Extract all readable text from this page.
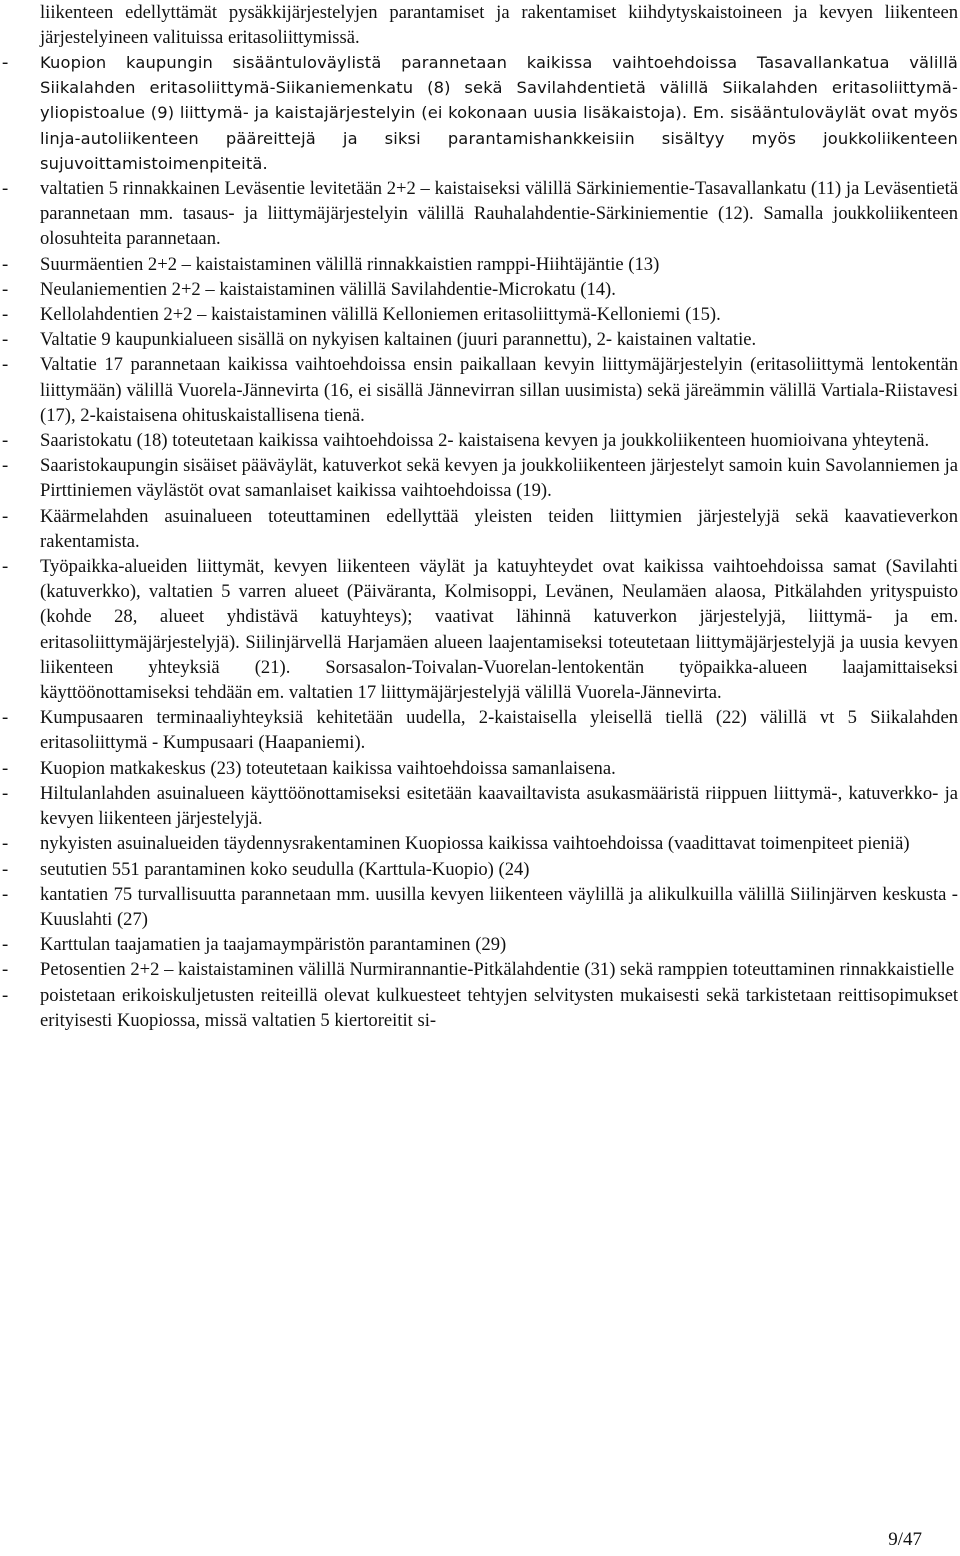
liikenteen edellyttämät pysäkkijärjestelyjen parantamiset ja rakentamiset kiihdytyskaistoineen ja kevyen liikenteen järjestelyineen valituissa eritasoliittymissä.
- Kuopion kaupungin sisääntuloväylistä parannetaan kaikissa vaihtoehdoissa Tasavallankatua välillä Siikalahden eritasoliittymä-Siikaniemenkatu (8) sekä Savilahdentietä välillä Siikalahden eritasoliittymä-yliopistoalue (9) liittymä- ja kaistajärjestelyin (ei kokonaan uusia lisäkaistoja). Em. sisääntuloväylät ovat myös linja-autoliikenteen pääreittejä ja siksi parantamishankkeisiin sisältyy myös joukkoliikenteen sujuvoittamistoimenpiteitä.
- valtatien 5 rinnakkainen Leväsentie levitetään 2+2 – kaistaiseksi välillä Särkiniementie-Tasavallankatu (11) ja Leväsentietä parannetaan mm. tasaus- ja liittymäjärjestelyin välillä Rauhalahdentie-Särkiniementie (12). Samalla joukkoliikenteen olosuhteita parannetaan.
- Suurmäentien 2+2 – kaistaistaminen välillä rinnakkaistien ramppi-Hiihtäjäntie (13)
- Neulaniementien 2+2 – kaistaistaminen välillä Savilahdentie-Microkatu (14).
- Kellolahdentien 2+2 – kaistaistaminen välillä Kelloniemen eritasoliittymä-Kelloniemi (15).
- Valtatie 9 kaupunkialueen sisällä on nykyisen kaltainen (juuri parannettu), 2- kaistainen valtatie.
- Valtatie 17 parannetaan kaikissa vaihtoehdoissa ensin paikallaan kevyin liittymäjärjestelyin (eritasoliittymä lentokentän liittymään) välillä Vuorela-Jännevirta (16, ei sisällä Jännevirran sillan uusimista) sekä järeämmin välillä Vartiala-Riistavesi (17), 2-kaistaisena ohituskaistallisena tienä.
- Saaristokatu (18) toteutetaan kaikissa vaihtoehdoissa 2- kaistaisena kevyen ja joukkoliikenteen huomioivana yhteytenä.
- Saaristokaupungin sisäiset pääväylät, katuverkot sekä kevyen ja joukkoliikenteen järjestelyt samoin kuin Savolanniemen ja Pirttiniemen väylästöt ovat samanlaiset kaikissa vaihtoehdoissa (19).
- Käärmelahden asuinalueen toteuttaminen edellyttää yleisten teiden liittymien järjestelyjä sekä kaavatieverkon rakentamista.
- Työpaikka-alueiden liittymät, kevyen liikenteen väylät ja katuyhteydet ovat kaikissa vaihtoehdoissa samat (Savilahti (katuverkko), valtatien 5 varren alueet (Päiväranta, Kolmisoppi, Levänen, Neulamäen alaosa, Pitkälahden yrityspuisto (kohde 28, alueet yhdistävä katuyhteys); vaativat lähinnä katuverkon järjestelyjä, liittymä- ja em. eritasoliittymäjärjestelyjä). Siilinjärvellä Harjamäen alueen laajentamiseksi toteutetaan liittymäjärjestelyjä ja uusia kevyen liikenteen yhteyksiä (21). Sorsasalon-Toivalan-Vuorelan-lentokentän työpaikka-alueen laajamittaiseksi käyttöönottamiseksi tehdään em. valtatien 17 liittymäjärjestelyjä välillä Vuorela-Jännevirta.
- Kumpusaaren terminaaliyhteyksiä kehitetään uudella, 2-kaistaisella yleisellä tiellä (22) välillä vt 5 Siikalahden eritasoliittymä - Kumpusaari (Haapaniemi).
- Kuopion matkakeskus (23) toteutetaan kaikissa vaihtoehdoissa samanlaisena.
- Hiltulanlahden asuinalueen käyttöönottamiseksi esitetään kaavailtavista asukasmääristä riippuen liittymä-, katuverkko- ja kevyen liikenteen järjestelyjä.
- nykyisten asuinalueiden täydennysrakentaminen Kuopiossa kaikissa vaihtoehdoissa (vaadittavat toimenpiteet pieniä)
- seututien 551 parantaminen koko seudulla (Karttula-Kuopio) (24)
- kantatien 75 turvallisuutta parannetaan mm. uusilla kevyen liikenteen väylillä ja alikulkuilla välillä Siilinjärven keskusta - Kuuslahti (27)
- Karttulan taajamatien ja taajamaympäristön parantaminen (29)
- Petosentien 2+2 – kaistaistaminen välillä Nurmirannantie-Pitkälahdentie (31) sekä ramppien toteuttaminen rinnakkaistielle
- poistetaan erikoiskuljetusten reiteillä olevat kulkuesteet tehtyjen selvitysten mukaisesti sekä tarkistetaan reittisopimukset erityisesti Kuopiossa, missä valtatien 5 kiertoreitit si-
9/47
